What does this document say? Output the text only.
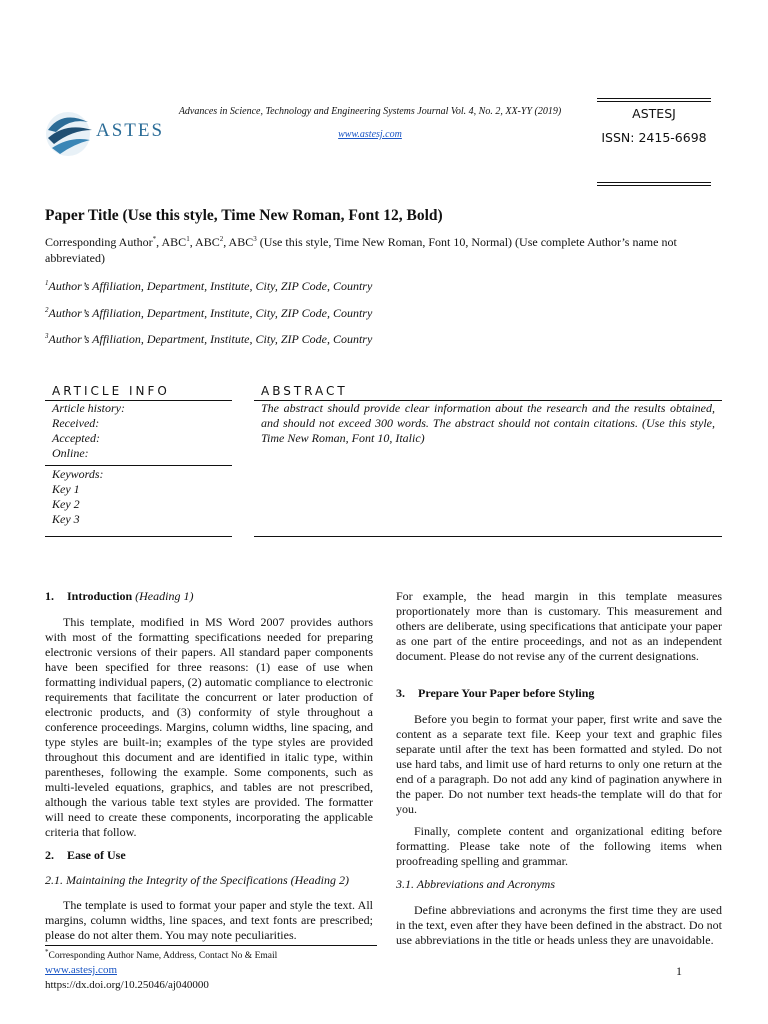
ASTES
Advances in Science, Technology and Engineering Systems Journal Vol. 4, No. 2, XX-YY (2019)
www.astesj.com
ASTESJ
ISSN: 2415-6698
Paper Title (Use this style, Time New Roman, Font 12, Bold)
Corresponding Author*, ABC$^1$, ABC$^2$, ABC$^3$ (Use this style, Time New Roman, Font 10, Normal) (Use complete Author’s name not abbreviated)
$^1$Author’s Affiliation, Department, Institute, City, ZIP Code, Country
$^2$Author’s Affiliation, Department, Institute, City, ZIP Code, Country
$^3$Author’s Affiliation, Department, Institute, City, ZIP Code, Country
ARTICLE INFO	ABSTRACT
Article history:
Received:
Accepted:
Online:
Keywords:
Key 1
Key 2
Key 3
The abstract should provide clear information about the research and the results obtained, and should not exceed 300 words. The abstract should not contain citations. (Use this style, Time New Roman, Font 10, Italic)
1. Introduction (Heading 1)
This template, modified in MS Word 2007 provides authors with most of the formatting specifications needed for preparing electronic versions of their papers. All standard paper components have been specified for three reasons: (1) ease of use when formatting individual papers, (2) automatic compliance to electronic requirements that facilitate the concurrent or later production of electronic products, and (3) conformity of style throughout a conference proceedings. Margins, column widths, line spacing, and type styles are built-in; examples of the type styles are provided throughout this document and are identified in italic type, within parentheses, following the example. Some components, such as multi-leveled equations, graphics, and tables are not prescribed, although the various table text styles are provided. The formatter will need to create these components, incorporating the applicable criteria that follow.
2. Ease of Use
2.1. Maintaining the Integrity of the Specifications (Heading 2)
The template is used to format your paper and style the text. All margins, column widths, line spaces, and text fonts are prescribed; please do not alter them. You may note peculiarities.
For example, the head margin in this template measures proportionately more than is customary. This measurement and others are deliberate, using specifications that anticipate your paper as one part of the entire proceedings, and not as an independent document. Please do not revise any of the current designations.
3. Prepare Your Paper before Styling
Before you begin to format your paper, first write and save the content as a separate text file. Keep your text and graphic files separate until after the text has been formatted and styled. Do not use hard tabs, and limit use of hard returns to only one return at the end of a paragraph. Do not add any kind of pagination anywhere in the paper. Do not number text heads-the template will do that for you.
Finally, complete content and organizational editing before formatting. Please take note of the following items when proofreading spelling and grammar.
3.1. Abbreviations and Acronyms
Define abbreviations and acronyms the first time they are used in the text, even after they have been defined in the abstract. Do not use abbreviations in the title or heads unless they are unavoidable.
*Corresponding Author Name, Address, Contact No & Email
www.astesj.com
https://dx.doi.org/10.25046/aj040000
1
